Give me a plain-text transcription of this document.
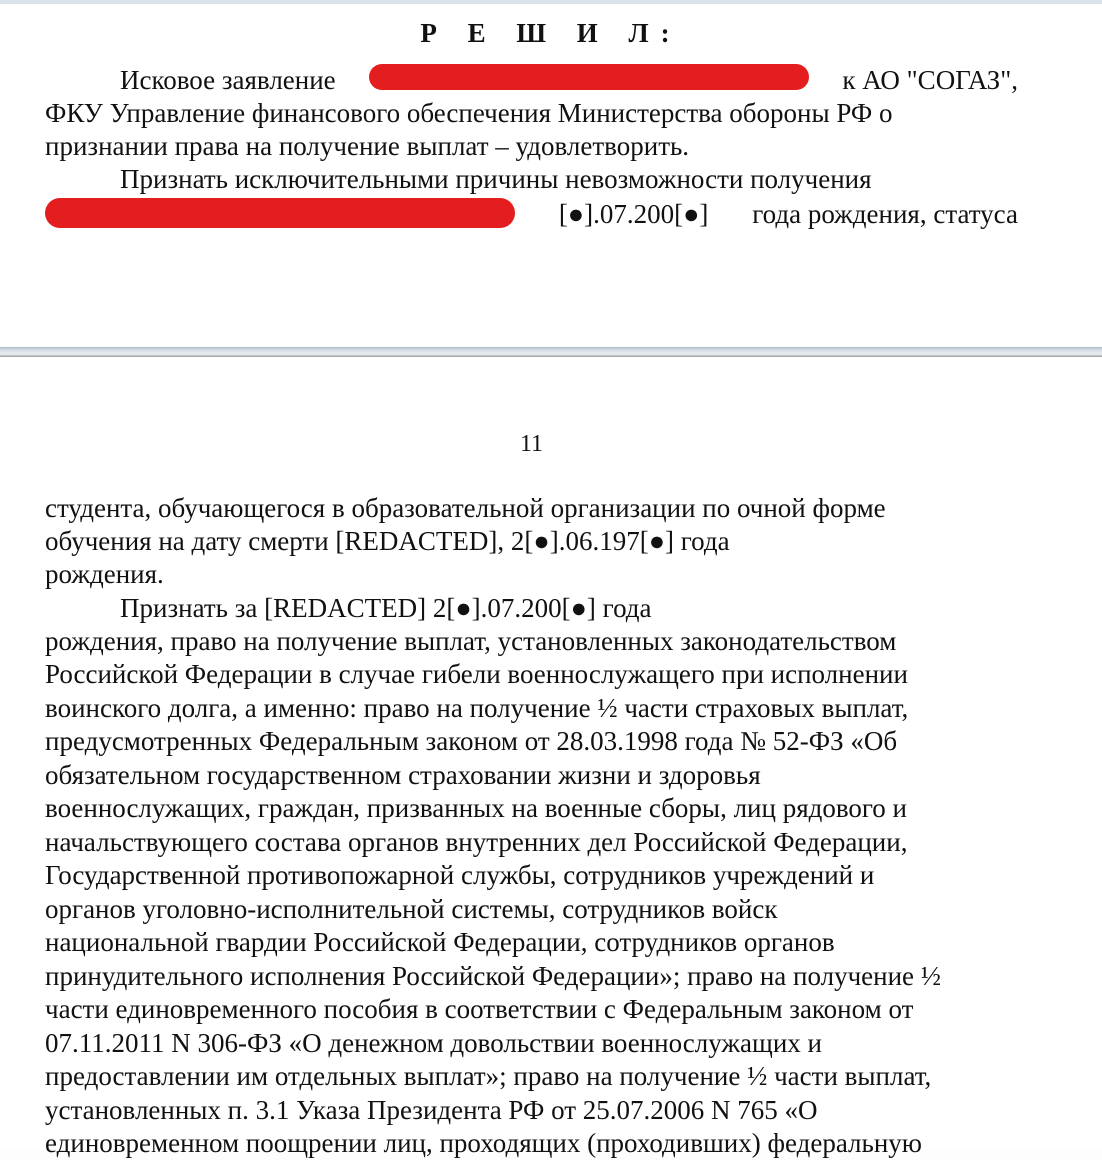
Р Е Ш И Л:
Исковое заявление	к АО "СОГАЗ",
ФКУ Управление финансового обеспечения Министерства обороны РФ о
признании права на получение выплат – удовлетворить.
Признать исключительными причины невозможности получения
[●].07.200[●] года рождения, статуса
11
студента, обучающегося в образовательной организации по очной форме
обучения на дату смерти [REDACTED], 2[●].06.197[●] года
рождения.
Признать за [REDACTED] 2[●].07.200[●] года
рождения, право на получение выплат, установленных законодательством
Российской Федерации в случае гибели военнослужащего при исполнении
воинского долга, а именно: право на получение ½ части страховых выплат,
предусмотренных Федеральным законом от 28.03.1998 года № 52-ФЗ «Об
обязательном государственном страховании жизни и здоровья
военнослужащих, граждан, призванных на военные сборы, лиц рядового и
начальствующего состава органов внутренних дел Российской Федерации,
Государственной противопожарной службы, сотрудников учреждений и
органов уголовно-исполнительной системы, сотрудников войск
национальной гвардии Российской Федерации, сотрудников органов
принудительного исполнения Российской Федерации»; право на получение ½
части единовременного пособия в соответствии с Федеральным законом от
07.11.2011 N 306-ФЗ «О денежном довольствии военнослужащих и
предоставлении им отдельных выплат»; право на получение ½ части выплат,
установленных п. 3.1 Указа Президента РФ от 25.07.2006 N 765 «О
единовременном поощрении лиц, проходящих (проходивших) федеральную
